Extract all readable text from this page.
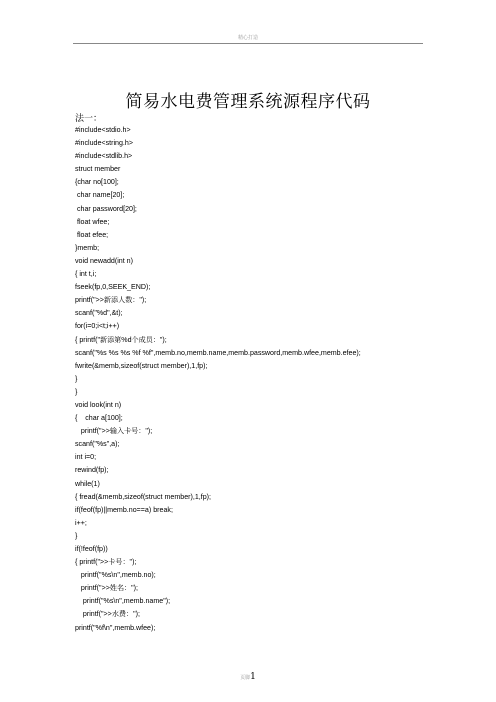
精心打造
简易水电费管理系统源程序代码
法一：
#include<stdio.h>
#include<string.h>
#include<stdlib.h>
struct member
{char no[100];
char name[20];
char password[20];
float wfee;
float efee;
}memb;
void newadd(int n)
{ int t,i;
fseek(fp,0,SEEK_END);
printf(">>新添人数：");
scanf("%d",&t);
for(i=0;i<t;i++)
{ printf("新添第%d个成员：");
scanf("%s %s %s %f %f",memb.no,memb.name,memb.password,memb.wfee,memb.efee);
fwrite(&memb,sizeof(struct member),1,fp);
}
}
void look(int n)
{    char a[100];
printf(">>输入卡号：");
scanf("%s",a);
int i=0;
rewind(fp);
while(1)
{ fread(&memb,sizeof(struct member),1,fp);
if(feof(fp)||memb.no==a) break;
i++;
}
if(!feof(fp))
{ printf(">>卡号：");
printf("%s\n",memb.no);
printf(">>姓名：");
printf("%s\n",memb.name");
printf(">>水费：");
printf("%f\n",memb.wfee);
页脚1
